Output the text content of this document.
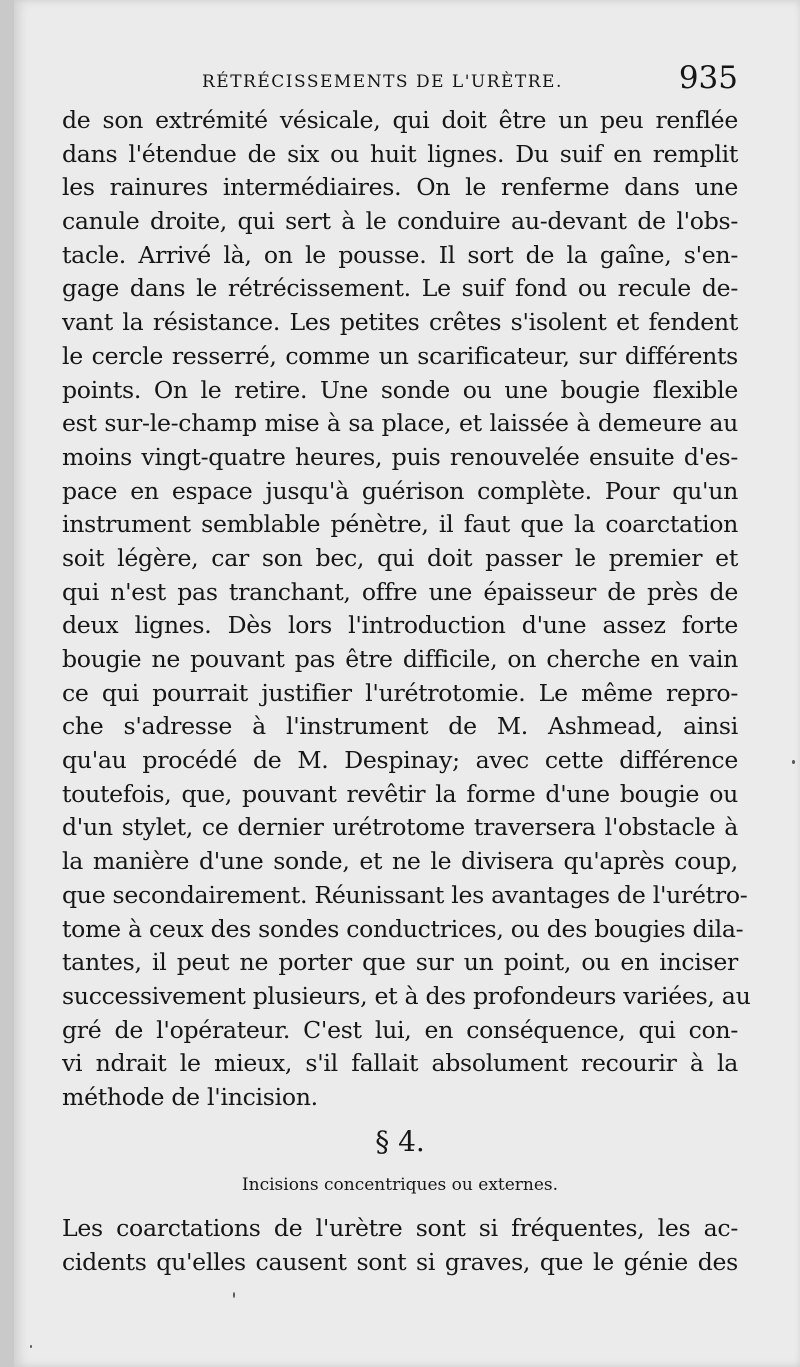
RÉTRÉCISSEMENTS DE L'URÈTRE.	935
de son extrémité vésicale, qui doit être un peu renflée
dans l'étendue de six ou huit lignes. Du suif en remplit
les rainures intermédiaires. On le renferme dans une
canule droite, qui sert à le conduire au-devant de l'obs-
tacle. Arrivé là, on le pousse. Il sort de la gaîne, s'en-
gage dans le rétrécissement. Le suif fond ou recule de-
vant la résistance. Les petites crêtes s'isolent et fendent
le cercle resserré, comme un scarificateur, sur différents
points. On le retire. Une sonde ou une bougie flexible
est sur-le-champ mise à sa place, et laissée à demeure au
moins vingt-quatre heures, puis renouvelée ensuite d'es-
pace en espace jusqu'à guérison complète. Pour qu'un
instrument semblable pénètre, il faut que la coarctation
soit légère, car son bec, qui doit passer le premier et
qui n'est pas tranchant, offre une épaisseur de près de
deux lignes. Dès lors l'introduction d'une assez forte
bougie ne pouvant pas être difficile, on cherche en vain
ce qui pourrait justifier l'urétrotomie. Le même repro-
che s'adresse à l'instrument de M. Ashmead, ainsi
qu'au procédé de M. Despinay; avec cette différence
toutefois, que, pouvant revêtir la forme d'une bougie ou
d'un stylet, ce dernier urétrotome traversera l'obstacle à
la manière d'une sonde, et ne le divisera qu'après coup,
que secondairement. Réunissant les avantages de l'urétro-
tome à ceux des sondes conductrices, ou des bougies dila-
tantes, il peut ne porter que sur un point, ou en inciser
successivement plusieurs, et à des profondeurs variées, au
gré de l'opérateur. C'est lui, en conséquence, qui con-
vi ndrait le mieux, s'il fallait absolument recourir à la
méthode de l'incision.
§ 4.
Incisions concentriques ou externes.
Les coarctations de l'urètre sont si fréquentes, les ac-
cidents qu'elles causent sont si graves, que le génie des
